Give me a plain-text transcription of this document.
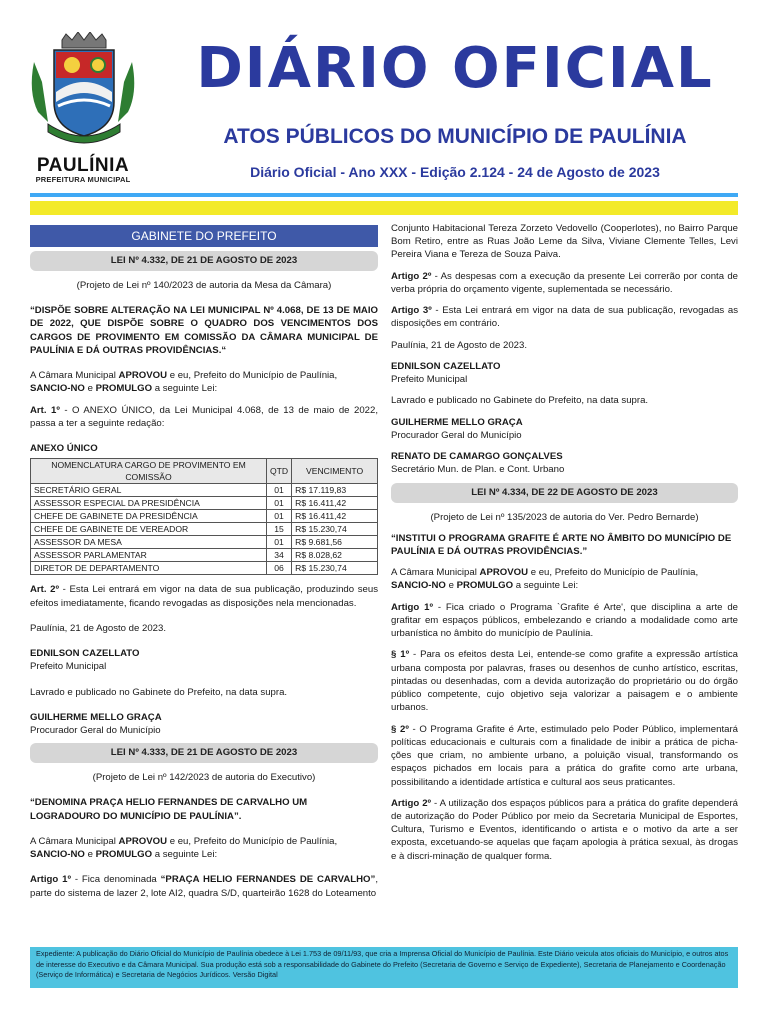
PAULÍNIA
PREFEITURA MUNICIPAL
DIÁRIO OFICIAL
ATOS PÚBLICOS DO MUNICÍPIO DE PAULÍNIA
Diário Oficial - Ano XXX - Edição 2.124 - 24 de Agosto de 2023
GABINETE DO PREFEITO
LEI Nº 4.332, DE 21 DE AGOSTO DE 2023

(Projeto de Lei nº 140/2023 de autoria da Mesa da Câmara)

“DISPÕE SOBRE ALTERAÇÃO NA LEI MUNICIPAL Nº 4.068, DE 13 DE MAIO DE 2022, QUE DISPÕE SOBRE O QUADRO DOS VENCIMENTOS DOS CARGOS DE PROVIMENTO EM COMISSÃO DA CÂMARA MUNICIPAL DE PAULÍNIA E DÁ OUTRAS PROVIDÊNCIAS.“

A Câmara Municipal APROVOU e eu, Prefeito do Município de Paulínia, SANCIO-NO e PROMULGO a seguinte Lei:

Art. 1º - O ANEXO ÚNICO, da Lei Municipal 4.068, de 13 de maio de 2022, passa a ter a seguinte redação:

ANEXO ÚNICO

NOMENCLATURA CARGO DE PROVIMENTO EM COMISSÃO	QTD	VENCIMENTO
SECRETÁRIO GERAL	01	R$ 17.119,83
ASSESSOR ESPECIAL DA PRESIDÊNCIA	01	R$ 16.411,42
CHEFE DE GABINETE DA PRESIDÊNCIA	01	R$ 16.411,42
CHEFE DE GABINETE DE VEREADOR	15	R$ 15.230,74
ASSESSOR DA MESA	01	R$ 9.681,56
ASSESSOR PARLAMENTAR	34	R$ 8.028,62
DIRETOR DE DEPARTAMENTO	06	R$ 15.230,74

Art. 2º - Esta Lei entrará em vigor na data de sua publicação, produzindo seus efeitos imediatamente, ficando revogadas as disposições nela mencionadas.

Paulínia, 21 de Agosto de 2023.

EDNILSON CAZELLATO

Prefeito Municipal

Lavrado e publicado no Gabinete do Prefeito, na data supra.

GUILHERME MELLO GRAÇA

Procurador Geral do Município
LEI Nº 4.333, DE 21 DE AGOSTO DE 2023

(Projeto de Lei nº 142/2023 de autoria do Executivo)

“DENOMINA PRAÇA HELIO FERNANDES DE CARVALHO UM LOGRADOURO DO MUNICÍPIO DE PAULÍNIA”.

A Câmara Municipal APROVOU e eu, Prefeito do Município de Paulínia, SANCIO-NO e PROMULGO a seguinte Lei:

Artigo 1º - Fica denominada “PRAÇA HELIO FERNANDES DE CARVALHO”, parte do sistema de lazer 2, lote AI2, quadra S/D, quarteirão 1628 do Loteamento

Conjunto Habitacional Tereza Zorzeto Vedovello (Cooperlotes), no Bairro Parque Bom Retiro, entre as Ruas João Leme da Silva, Viviane Clemente Telles, Levi Pereira Viana e Tereza de Souza Paiva.

Artigo 2º - As despesas com a execução da presente Lei correrão por conta de verba própria do orçamento vigente, suplementada se necessário.

Artigo 3º - Esta Lei entrará em vigor na data de sua publicação, revogadas as disposições em contrário.

Paulínia, 21 de Agosto de 2023.

EDNILSON CAZELLATO

Prefeito Municipal

Lavrado e publicado no Gabinete do Prefeito, na data supra.

GUILHERME MELLO GRAÇA

Procurador Geral do Município

RENATO DE CAMARGO GONÇALVES

Secretário Mun. de Plan. e Cont. Urbano
LEI Nº 4.334, DE 22 DE AGOSTO DE 2023

(Projeto de Lei nº 135/2023 de autoria do Ver. Pedro Bernarde)

“INSTITUI O PROGRAMA GRAFITE É ARTE NO ÂMBITO DO MUNICÍPIO DE PAULÍNIA E DÁ OUTRAS PROVIDÊNCIAS.”

A Câmara Municipal APROVOU e eu, Prefeito do Município de Paulínia, SANCIO-NO e PROMULGO a seguinte Lei:

Artigo 1º - Fica criado o Programa `Grafite é Arte', que disciplina a arte de grafitar em espaços públicos, embelezando e criando a modalidade como arte urbanística no âmbito do município de Paulínia.

§ 1º - Para os efeitos desta Lei, entende-se como grafite a expressão artística urbana composta por palavras, frases ou desenhos de cunho artístico, escritas, pintadas ou desenhadas, com a devida autorização do proprietário ou do órgão público competente, cujo objetivo seja valorizar a paisagem e o ambiente urbanos.

§ 2º - O Programa Grafite é Arte, estimulado pelo Poder Público, implementará políticas educacionais e culturais com a finalidade de inibir a prática de picha-ções que criam, no ambiente urbano, a poluição visual, transformando os espaços pichados em locais para a prática do grafite como arte urbana, possibilitando a identidade artística e cultural aos seus praticantes.

Artigo 2º - A utilização dos espaços públicos para a prática do grafite dependerá de autorização do Poder Público por meio da Secretaria Municipal de Esportes, Cultura, Turismo e Eventos, identificando o artista e o motivo da arte a ser exposta, excetuando-se aquelas que façam apologia à prática sexual, às drogas e à discri-minação de qualquer forma.

Expediente: A publicação do Diário Oficial do Município de Paulínia obedece à Lei 1.753 de 09/11/93, que cria a Imprensa Oficial do Município de Paulínia. Este Diário veicula atos oficiais do Município, e outros atos de interesse do Executivo e da Câmara Municipal. Sua produção está sob a responsabilidade do Gabinete do Prefeito (Secretaria de Governo e Serviço de Expediente), Secretaria de Planejamento e Coordenação (Serviço de Informática) e Secretaria de Negócios Jurídicos. Versão Digital
